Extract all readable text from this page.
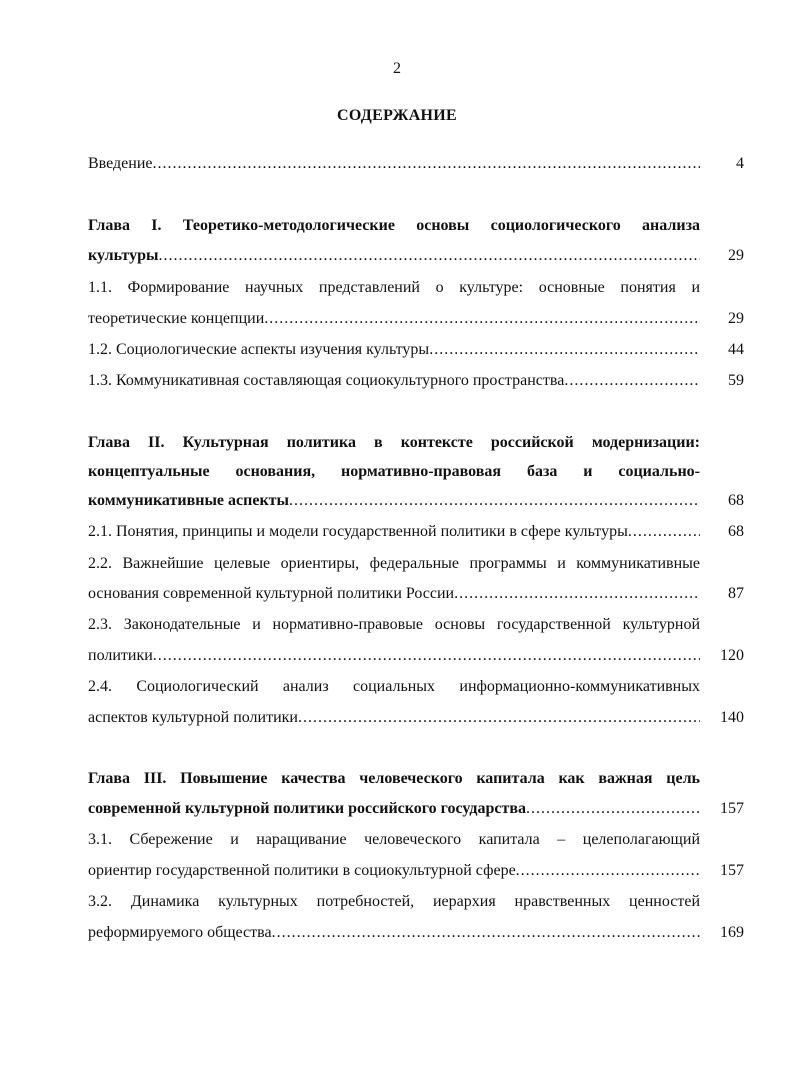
2
СОДЕРЖАНИЕ
Введение .....	4
Глава I. Теоретико-методологические основы социологического анализа
культуры .....	29
1.1. Формирование научных представлений о культуре: основные понятия и
теоретические концепции .....	29
1.2. Социологические аспекты изучения культуры .....	44
1.3. Коммуникативная составляющая социокультурного пространства .....	59
Глава II. Культурная политика в контексте российской модернизации:
концептуальные основания, нормативно-правовая база и социально-
коммуникативные аспекты .....	68
2.1. Понятия, принципы и модели государственной политики в сфере культуры .....	68
2.2. Важнейшие целевые ориентиры, федеральные программы и коммуникативные
основания современной культурной политики России .....	87
2.3. Законодательные и нормативно-правовые основы государственной культурной
политики .....	120
2.4. Социологический анализ социальных информационно-коммуникативных
аспектов культурной политики .....	140
Глава III. Повышение качества человеческого капитала как важная цель
современной культурной политики российского государства .....	157
3.1. Сбережение и наращивание человеческого капитала – целеполагающий
ориентир государственной политики в социокультурной сфере .....	157
3.2. Динамика культурных потребностей, иерархия нравственных ценностей
реформируемого общества .....	169
